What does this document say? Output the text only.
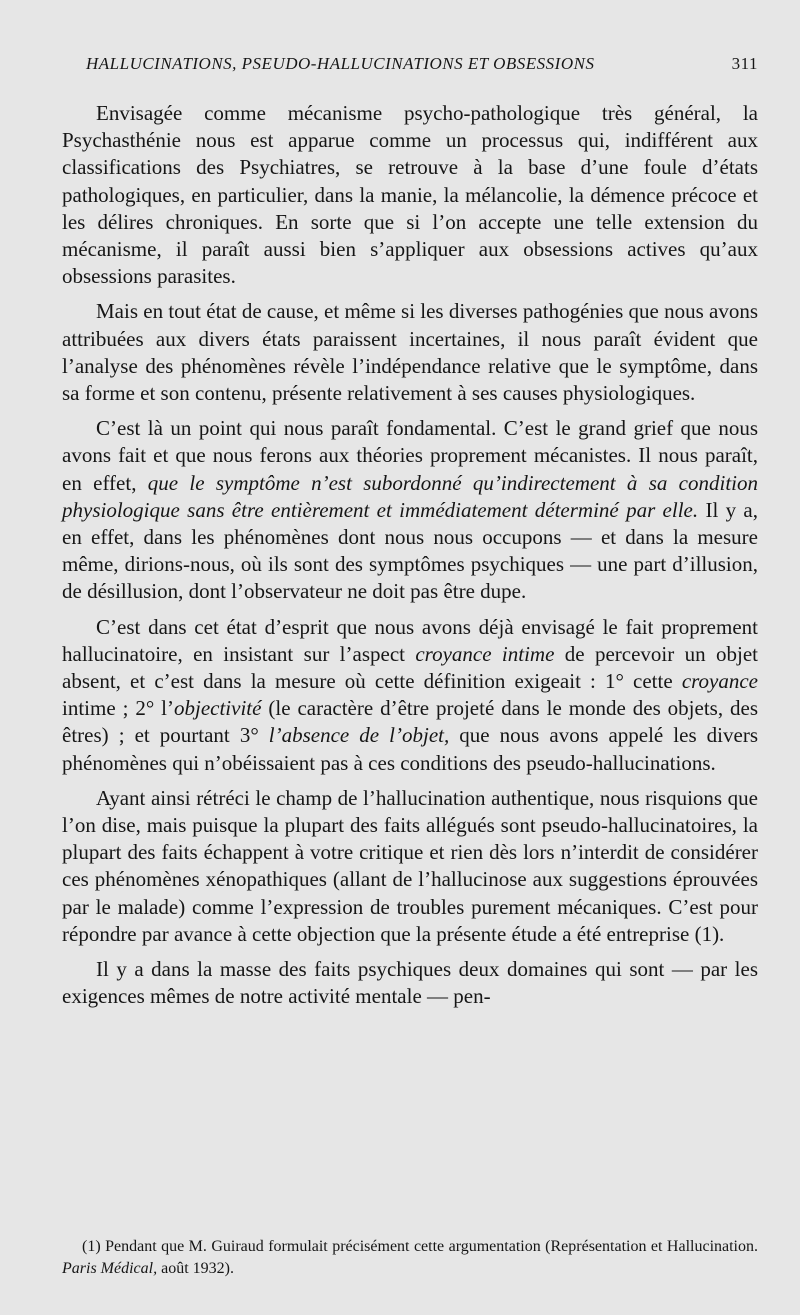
HALLUCINATIONS, PSEUDO-HALLUCINATIONS ET OBSESSIONS	311

Envisagée comme mécanisme psycho-pathologique très général, la Psychasthénie nous est apparue comme un processus qui, indifférent aux classifications des Psychiatres, se retrouve à la base d’une foule d’états pathologiques, en particulier, dans la manie, la mélancolie, la démence précoce et les délires chroniques. En sorte que si l’on accepte une telle extension du mécanisme, il paraît aussi bien s’appliquer aux obsessions actives qu’aux obsessions parasites.

Mais en tout état de cause, et même si les diverses pathogénies que nous avons attribuées aux divers états paraissent incertaines, il nous paraît évident que l’analyse des phénomènes révèle l’indépendance relative que le symptôme, dans sa forme et son contenu, présente relativement à ses causes physiologiques.

C’est là un point qui nous paraît fondamental. C’est le grand grief que nous avons fait et que nous ferons aux théories proprement mécanistes. Il nous paraît, en effet, que le symptôme n’est subordonné qu’indirectement à sa condition physiologique sans être entièrement et immédiatement déterminé par elle. Il y a, en effet, dans les phénomènes dont nous nous occupons — et dans la mesure même, dirions-nous, où ils sont des symptômes psychiques — une part d’illusion, de désillusion, dont l’observateur ne doit pas être dupe.

C’est dans cet état d’esprit que nous avons déjà envisagé le fait proprement hallucinatoire, en insistant sur l’aspect croyance intime de percevoir un objet absent, et c’est dans la mesure où cette définition exigeait : 1° cette croyance intime ; 2° l’objectivité (le caractère d’être projeté dans le monde des objets, des êtres) ; et pourtant 3° l’absence de l’objet, que nous avons appelé les divers phénomènes qui n’obéissaient pas à ces conditions des pseudo-hallucinations.

Ayant ainsi rétréci le champ de l’hallucination authentique, nous risquions que l’on dise, mais puisque la plupart des faits allégués sont pseudo-hallucinatoires, la plupart des faits échappent à votre critique et rien dès lors n’interdit de considérer ces phénomènes xénopathiques (allant de l’hallucinose aux suggestions éprouvées par le malade) comme l’expression de troubles purement mécaniques. C’est pour répondre par avance à cette objection que la présente étude a été entreprise (1).

Il y a dans la masse des faits psychiques deux domaines qui sont — par les exigences mêmes de notre activité mentale — pen-

(1) Pendant que M. Guiraud formulait précisément cette argumentation (Représentation et Hallucination. Paris Médical, août 1932).
